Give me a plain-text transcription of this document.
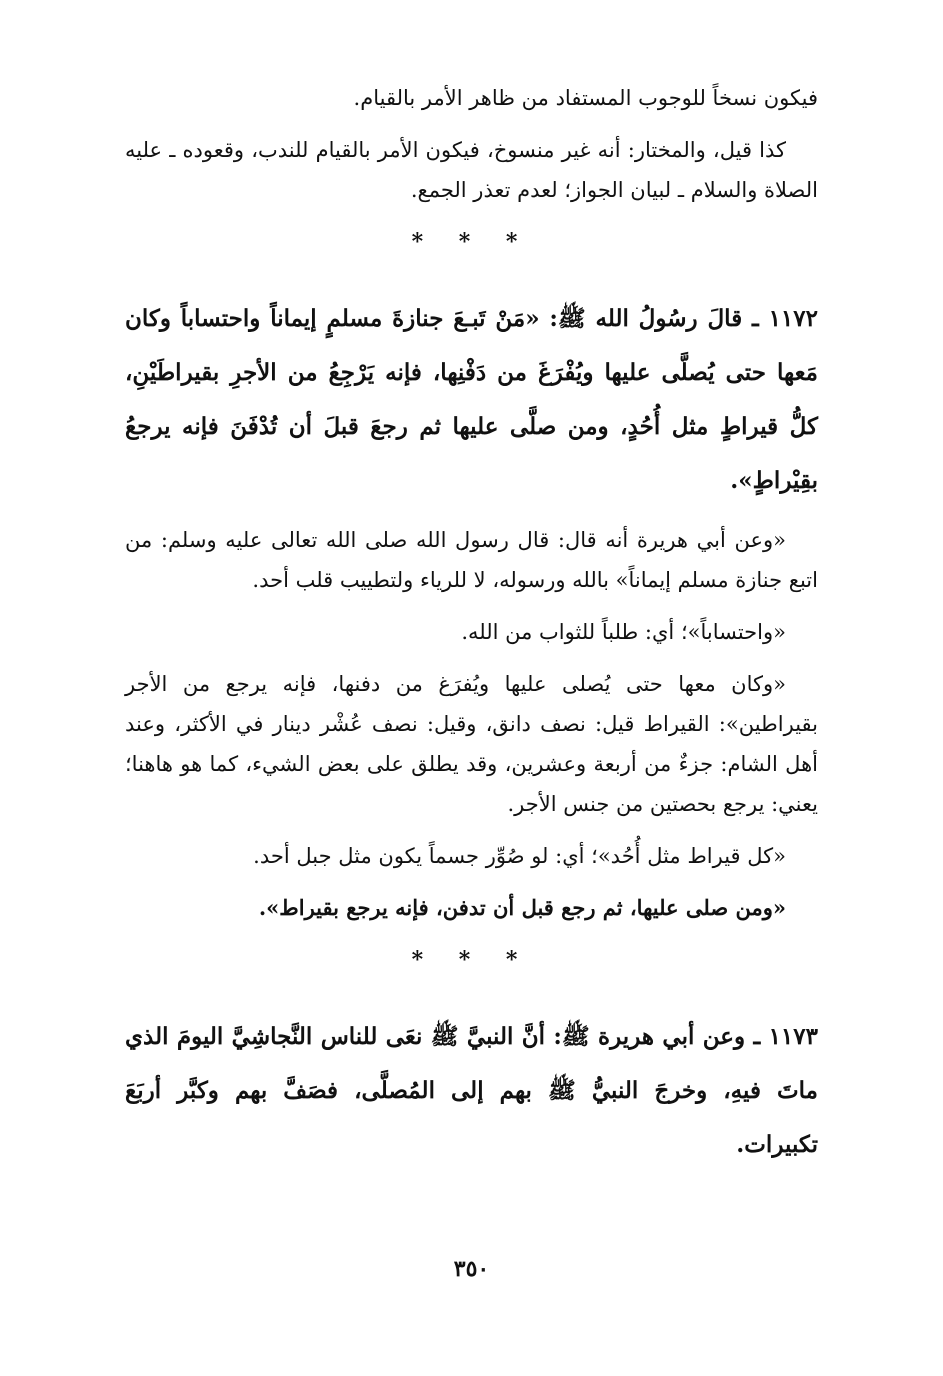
فيكون نسخاً للوجوب المستفاد من ظاهر الأمر بالقيام.

كذا قيل، والمختار: أنه غير منسوخ، فيكون الأمر بالقيام للندب، وقعوده ـ عليه الصلاة والسلام ـ لبيان الجواز؛ لعدم تعذر الجمع.

* * *

١١٧٢ ـ قالَ رسُولُ الله ﷺ: «مَنْ تَبـعَ جنازةَ مسلمٍ إيماناً واحتساباً وكان مَعها حتى يُصلَّى عليها ويُفْرَغَ من دَفْنِها، فإنه يَرْجِعُ من الأجرِ بقيراطَيْنِ، كلُّ قيراطٍ مثل أُحُدٍ، ومن صلَّى عليها ثم رجعَ قبلَ أن تُدْفَنَ فإنه يرجعُ بقِيْراطٍ».

«وعن أبي هريرة أنه قال: قال رسول الله صلى الله تعالى عليه وسلم: من اتبع جنازة مسلم إيماناً» بالله ورسوله، لا للرياء ولتطييب قلب أحد.

«واحتساباً»؛ أي: طلباً للثواب من الله.

«وكان معها حتى يُصلى عليها ويُفرَغ من دفنها، فإنه يرجع من الأجر بقيراطين»: القيراط قيل: نصف دانق، وقيل: نصف عُشْر دينار في الأكثر، وعند أهل الشام: جزءٌ من أربعة وعشرين، وقد يطلق على بعض الشيء، كما هو هاهنا؛ يعني: يرجع بحصتين من جنس الأجر.

«كل قيراط مثل أُحُد»؛ أي: لو صُوِّر جسماً يكون مثل جبل أحد.

«ومن صلى عليها، ثم رجع قبل أن تدفن، فإنه يرجع بقيراط».

* * *

١١٧٣ ـ وعن أبي هريرة ﷺ: أنَّ النبيَّ ﷺ نعَى للناس النَّجاشِيَّ اليومَ الذي ماتَ فيهِ، وخرجَ النبيُّ ﷺ بهم إلى المُصلَّى، فصَفَّ بهم وكبَّر أربَعَ تكبيرات.

٣٥٠
